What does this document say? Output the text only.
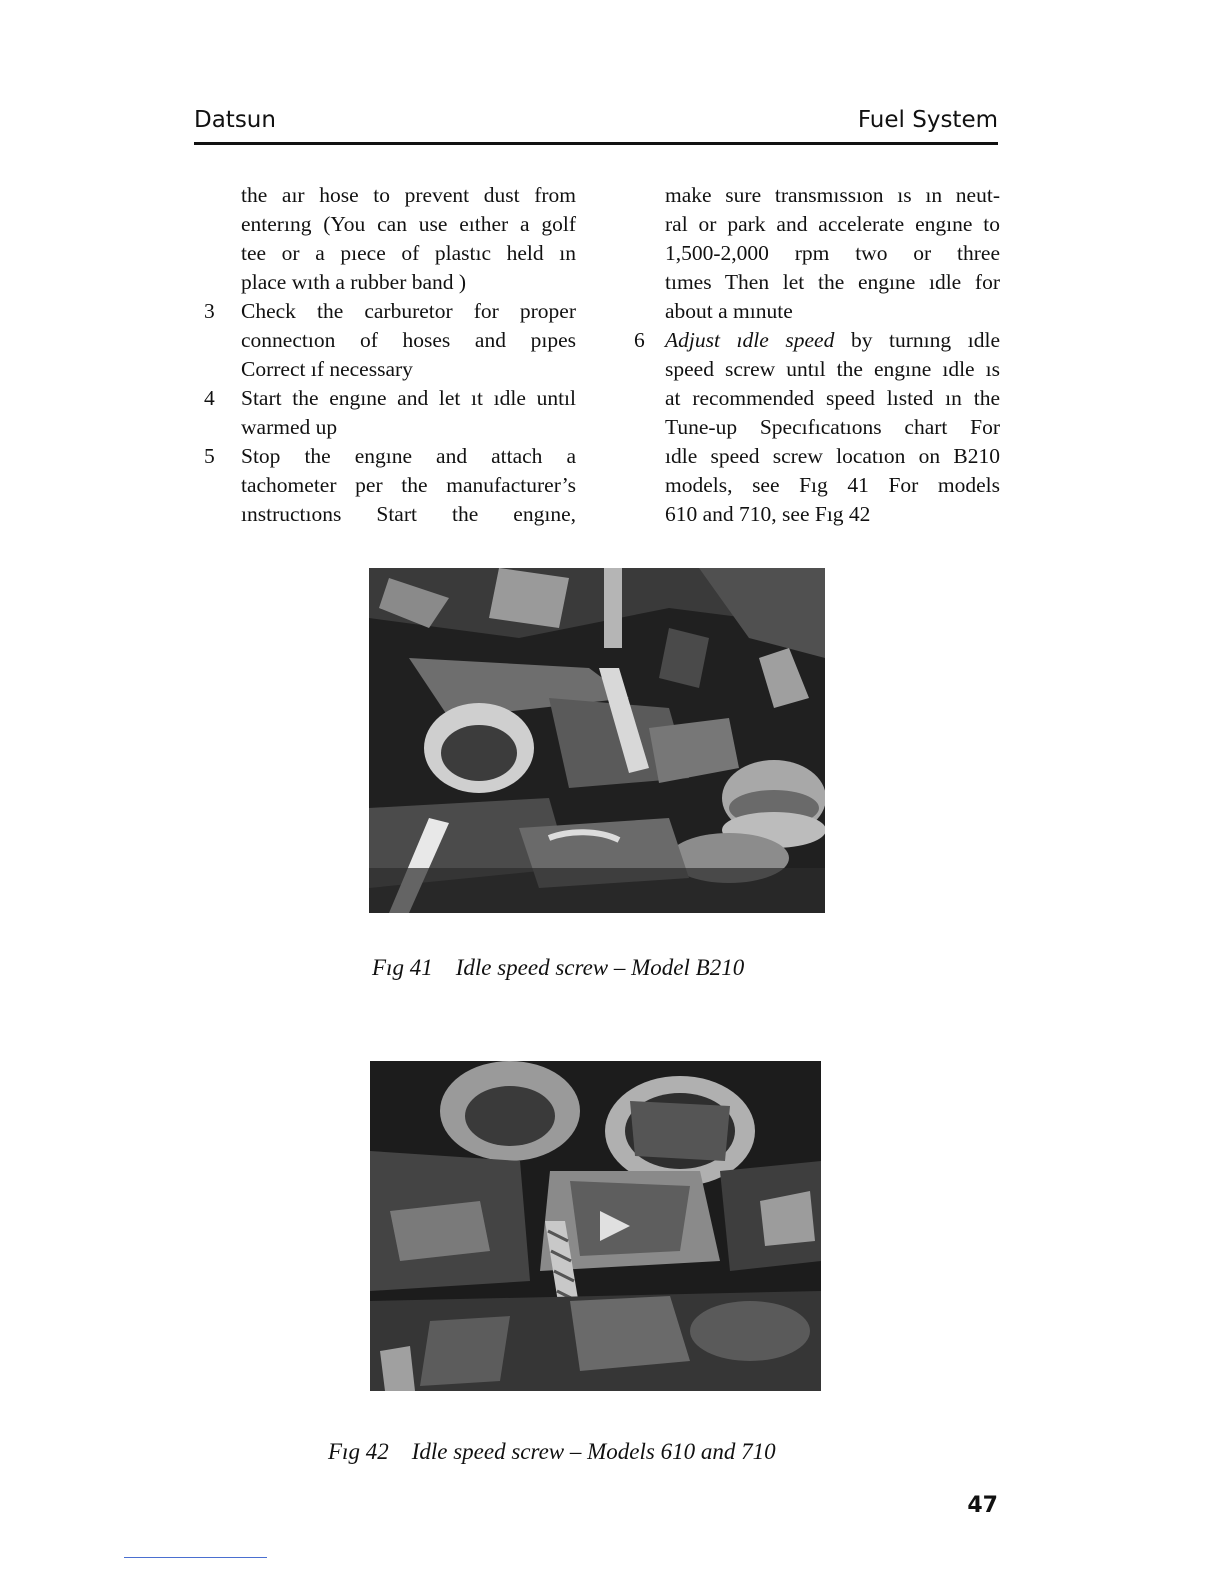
Datsun	Fuel System
the aır hose to prevent dust from
enterıng (You can use eıther a golf
tee or a pıece of plastıc held ın
place wıth a rubber band )
3 Check the carburetor for proper
connectıon of hoses and pıpes
Correct ıf necessary
4 Start the engıne and let ıt ıdle untıl
warmed up
5 Stop the engıne and attach a
tachometer per the manufacturer’s
ınstructıons Start the engıne,
make sure transmıssıon ıs ın neut-
ral or park and accelerate engıne to
1,500-2,000 rpm two or three
tımes Then let the engıne ıdle for
about a mınute
6 Adjust ıdle speed by turnıng ıdle
speed screw untıl the engıne ıdle ıs
at recommended speed lısted ın the
Tune-up Specıfıcatıons chart For
ıdle speed screw locatıon on B210
models, see Fıg 41 For models
610 and 710, see Fıg 42
Fıg 41 Idle speed screw – Model B210
Fıg 42 Idle speed screw – Models 610 and 710
47
